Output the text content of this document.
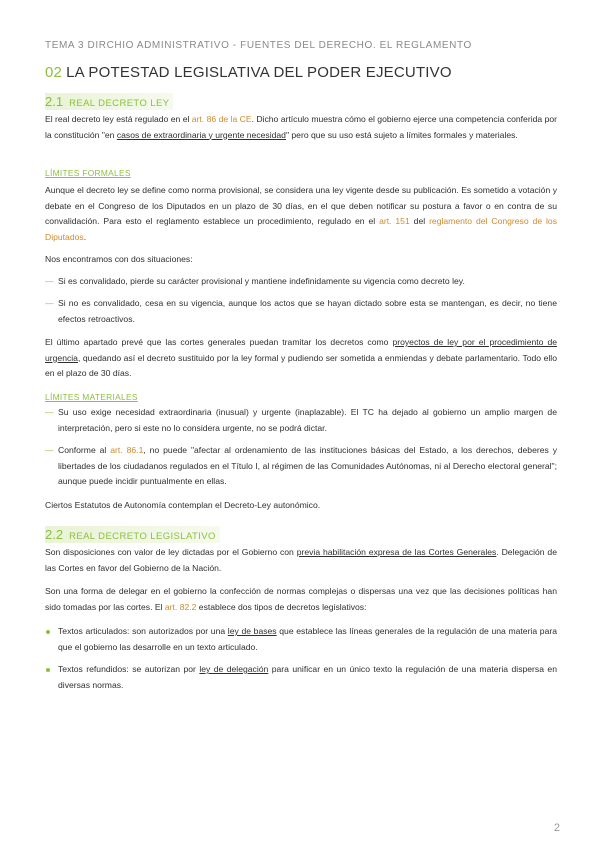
TEMA 3 DIRCHIO ADMINISTRATIVO - FUENTES DEL DERECHO. EL REGLAMENTO
02 LA POTESTAD LEGISLATIVA DEL PODER EJECUTIVO
2.1 REAL DECRETO LEY
El real decreto ley está regulado en el art. 86 de la CE. Dicho artículo muestra cómo el gobierno ejerce una competencia conferida por la constitución "en casos de extraordinaria y urgente necesidad" pero que su uso está sujeto a límites formales y materiales.
LÍMITES FORMALES
Aunque el decreto ley se define como norma provisional, se considera una ley vigente desde su publicación. Es sometido a votación y debate en el Congreso de los Diputados en un plazo de 30 días, en el que deben notificar su postura a favor o en contra de su convalidación. Para esto el reglamento establece un procedimiento, regulado en el art. 151 del reglamento del Congreso de los Diputados.
Nos encontramos con dos situaciones:
— Si es convalidado, pierde su carácter provisional y mantiene indefinidamente su vigencia como decreto ley.
— Si no es convalidado, cesa en su vigencia, aunque los actos que se hayan dictado sobre esta se mantengan, es decir, no tiene efectos retroactivos.
El último apartado prevé que las cortes generales puedan tramitar los decretos como proyectos de ley por el procedimiento de urgencia, quedando así el decreto sustituido por la ley formal y pudiendo ser sometida a enmiendas y debate parlamentario. Todo ello en el plazo de 30 días.
LÍMITES MATERIALES
— Su uso exige necesidad extraordinaria (inusual) y urgente (inaplazable). El TC ha dejado al gobierno un amplio margen de interpretación, pero si este no lo considera urgente, no se podrá dictar.
— Conforme al art. 86.1, no puede "afectar al ordenamiento de las instituciones básicas del Estado, a los derechos, deberes y libertades de los ciudadanos regulados en el Título I, al régimen de las Comunidades Autónomas, ni al Derecho electoral general"; aunque puede incidir puntualmente en ellas.
Ciertos Estatutos de Autonomía contemplan el Decreto-Ley autonómico.
2.2 REAL DECRETO LEGISLATIVO
Son disposiciones con valor de ley dictadas por el Gobierno con previa habilitación expresa de las Cortes Generales. Delegación de las Cortes en favor del Gobierno de la Nación.
Son una forma de delegar en el gobierno la confección de normas complejas o dispersas una vez que las decisiones políticas han sido tomadas por las cortes. El art. 82.2 establece dos tipos de decretos legislativos:
Textos articulados: son autorizados por una ley de bases que establece las líneas generales de la regulación de una materia para que el gobierno las desarrolle en un texto articulado.
Textos refundidos: se autorizan por ley de delegación para unificar en un único texto la regulación de una materia dispersa en diversas normas.
2
